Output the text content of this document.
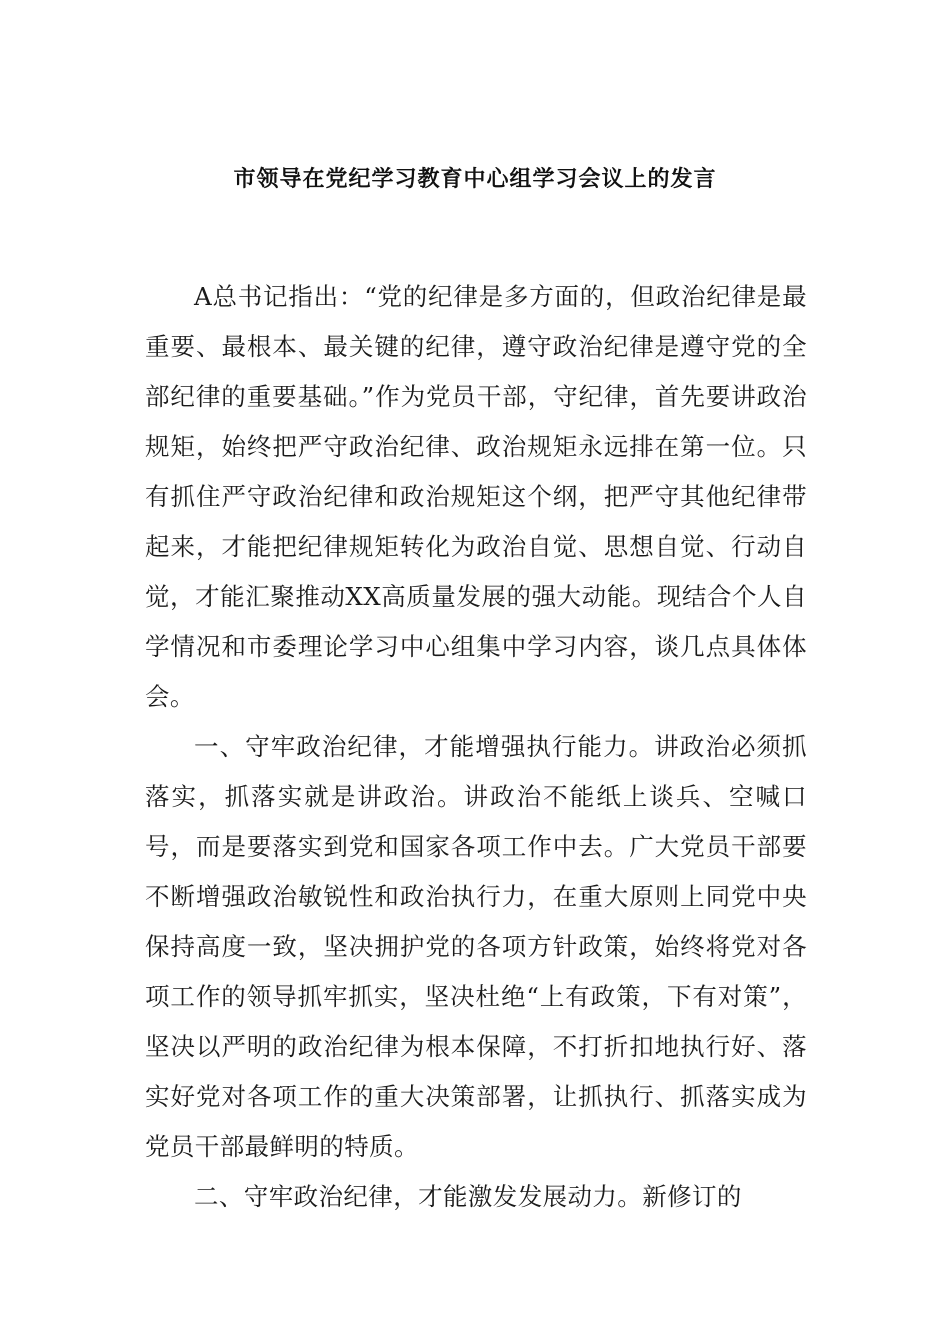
市领导在党纪学习教育中心组学习会议上的发言

A总书记指出：“党的纪律是多方面的，但政治纪律是最重要、最根本、最关键的纪律，遵守政治纪律是遵守党的全部纪律的重要基础。”作为党员干部，守纪律，首先要讲政治规矩，始终把严守政治纪律、政治规矩永远排在第一位。只有抓住严守政治纪律和政治规矩这个纲，把严守其他纪律带起来，才能把纪律规矩转化为政治自觉、思想自觉、行动自觉，才能汇聚推动XX高质量发展的强大动能。现结合个人自学情况和市委理论学习中心组集中学习内容，谈几点具体体会。

一、守牢政治纪律，才能增强执行能力。讲政治必须抓落实，抓落实就是讲政治。讲政治不能纸上谈兵、空喊口号，而是要落实到党和国家各项工作中去。广大党员干部要不断增强政治敏锐性和政治执行力，在重大原则上同党中央保持高度一致，坚决拥护党的各项方针政策，始终将党对各项工作的领导抓牢抓实，坚决杜绝“上有政策，下有对策”，坚决以严明的政治纪律为根本保障，不打折扣地执行好、落实好党对各项工作的重大决策部署，让抓执行、抓落实成为党员干部最鲜明的特质。

二、守牢政治纪律，才能激发发展动力。新修订的
